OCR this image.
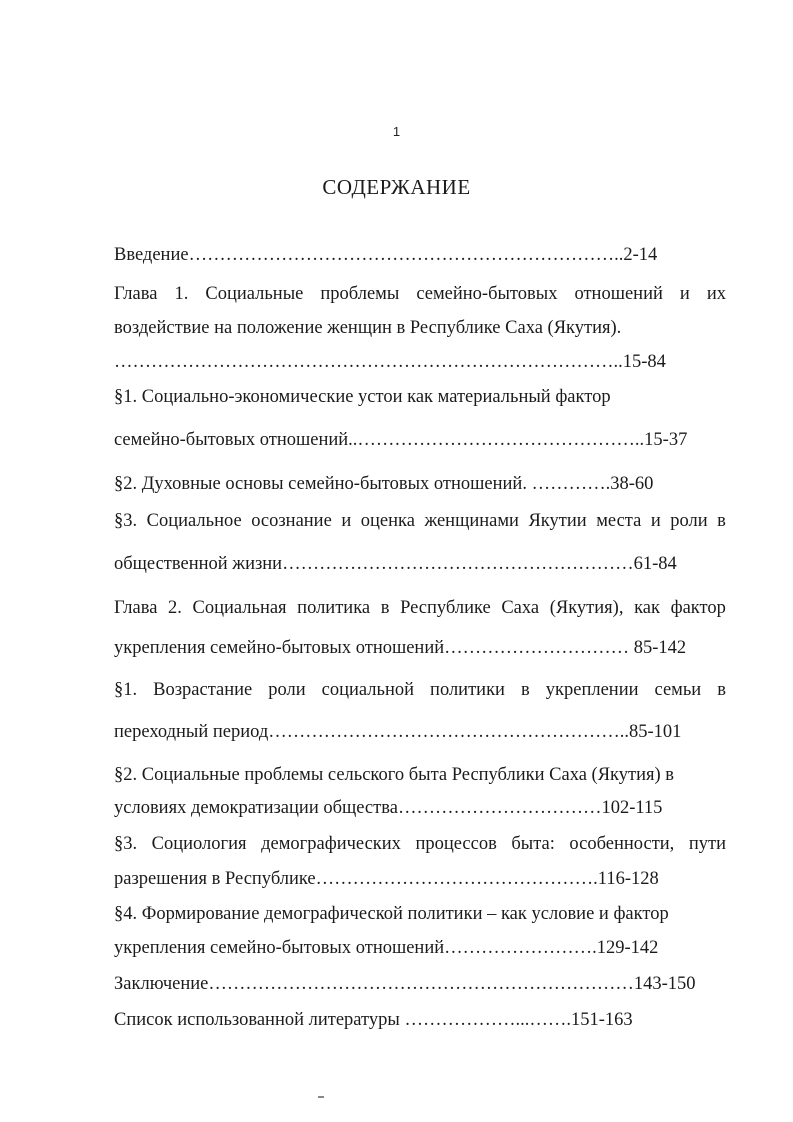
1
СОДЕРЖАНИЕ
Введение……………………………………………………………..2-14
Глава 1. Социальные проблемы семейно-бытовых отношений и их
воздействие на положение женщин в Республике Саха (Якутия).
………………………………………………………………………..15-84
§1. Социально-экономические устои как материальный фактор
семейно-бытовых отношений..………………………………………..15-37
§2. Духовные основы семейно-бытовых отношений. ………….38-60
§3. Социальное осознание и оценка женщинами Якутии места и роли в
общественной жизни…………………………………………………61-84
Глава 2. Социальная политика в Республике Саха (Якутия), как фактор
укрепления семейно-бытовых отношений………………………… 85-142
§1. Возрастание роли социальной политики в укреплении семьи в
переходный период…………………………………………………..85-101
§2. Социальные проблемы сельского быта Республики Саха (Якутия) в
условиях демократизации общества……………………………102-115
§3. Социология демографических процессов быта: особенности, пути
разрешения в Республике……………………………………….116-128
§4. Формирование демографической политики – как условие и фактор
укрепления семейно-бытовых отношений…………………….129-142
Заключение……………………………………………………………143-150
Список использованной литературы ………………...…….151-163
